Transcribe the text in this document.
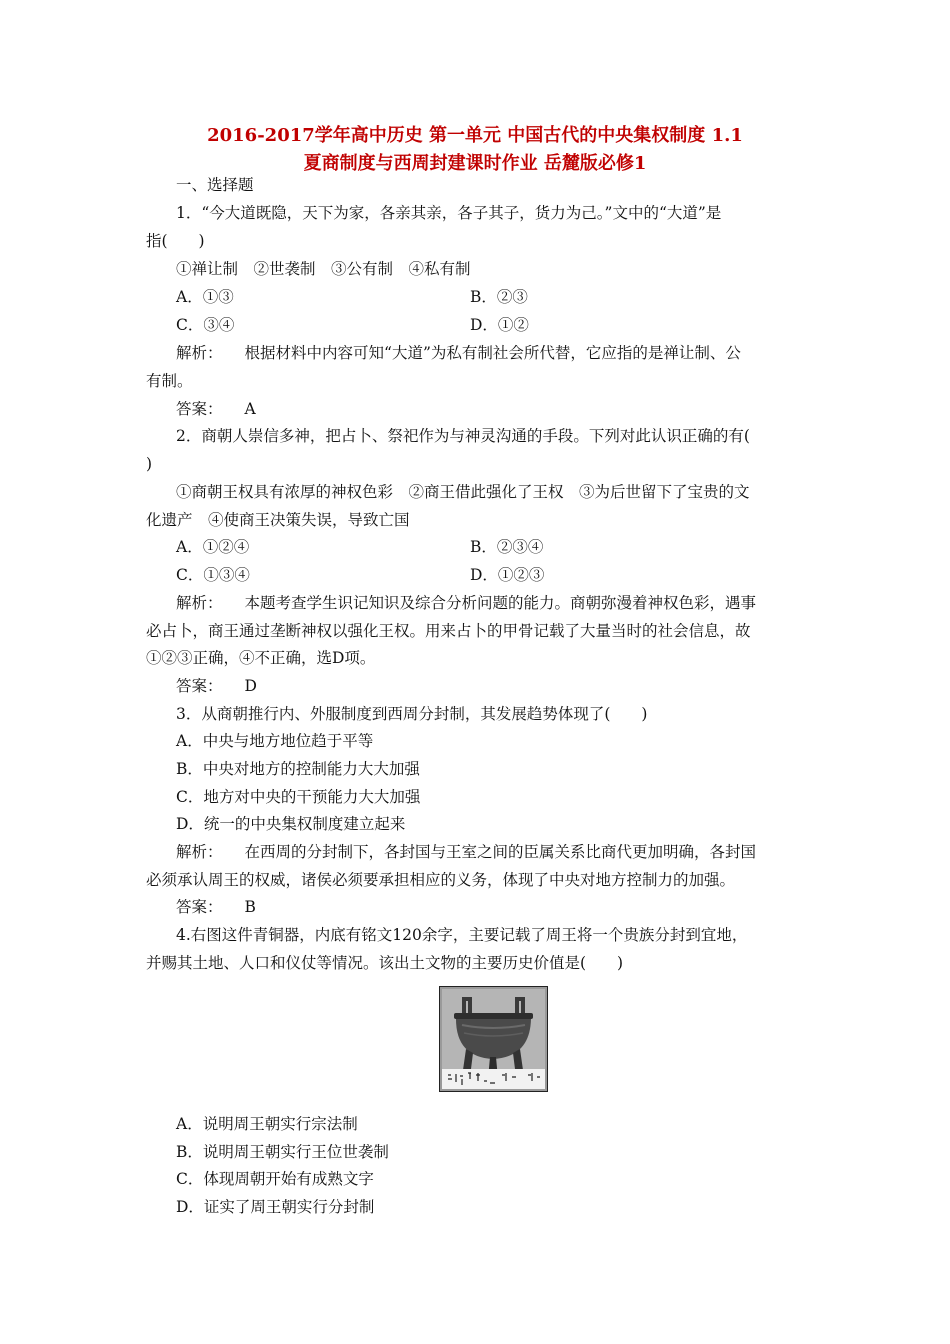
2016-2017学年高中历史 第一单元 中国古代的中央集权制度 1.1
夏商制度与西周封建课时作业 岳麓版必修1
一、选择题
1．“今大道既隐，天下为家，各亲其亲，各子其子，货力为己。”文中的“大道”是
指(　　)
①禅让制　②世袭制　③公有制　④私有制
A．①③	B．②③
C．③④	D．①②
解析： 根据材料中内容可知“大道”为私有制社会所代替，它应指的是禅让制、公
有制。
答案： A
2．商朝人崇信多神，把占卜、祭祀作为与神灵沟通的手段。下列对此认识正确的有(
)
①商朝王权具有浓厚的神权色彩　②商王借此强化了王权　③为后世留下了宝贵的文
化遗产　④使商王决策失误，导致亡国
A．①②④	B．②③④
C．①③④	D．①②③
解析： 本题考查学生识记知识及综合分析问题的能力。商朝弥漫着神权色彩，遇事
必占卜，商王通过垄断神权以强化王权。用来占卜的甲骨记载了大量当时的社会信息，故
①②③正确，④不正确，选D项。
答案： D
3．从商朝推行内、外服制度到西周分封制，其发展趋势体现了(　　)
A．中央与地方地位趋于平等
B．中央对地方的控制能力大大加强
C．地方对中央的干预能力大大加强
D．统一的中央集权制度建立起来
解析： 在西周的分封制下，各封国与王室之间的臣属关系比商代更加明确，各封国
必须承认周王的权威，诸侯必须要承担相应的义务，体现了中央对地方控制力的加强。
答案： B
4.右图这件青铜器，内底有铭文120余字，主要记载了周王将一个贵族分封到宜地，
并赐其土地、人口和仪仗等情况。该出土文物的主要历史价值是(　　)
A．说明周王朝实行宗法制
B．说明周王朝实行王位世袭制
C．体现周朝开始有成熟文字
D．证实了周王朝实行分封制
